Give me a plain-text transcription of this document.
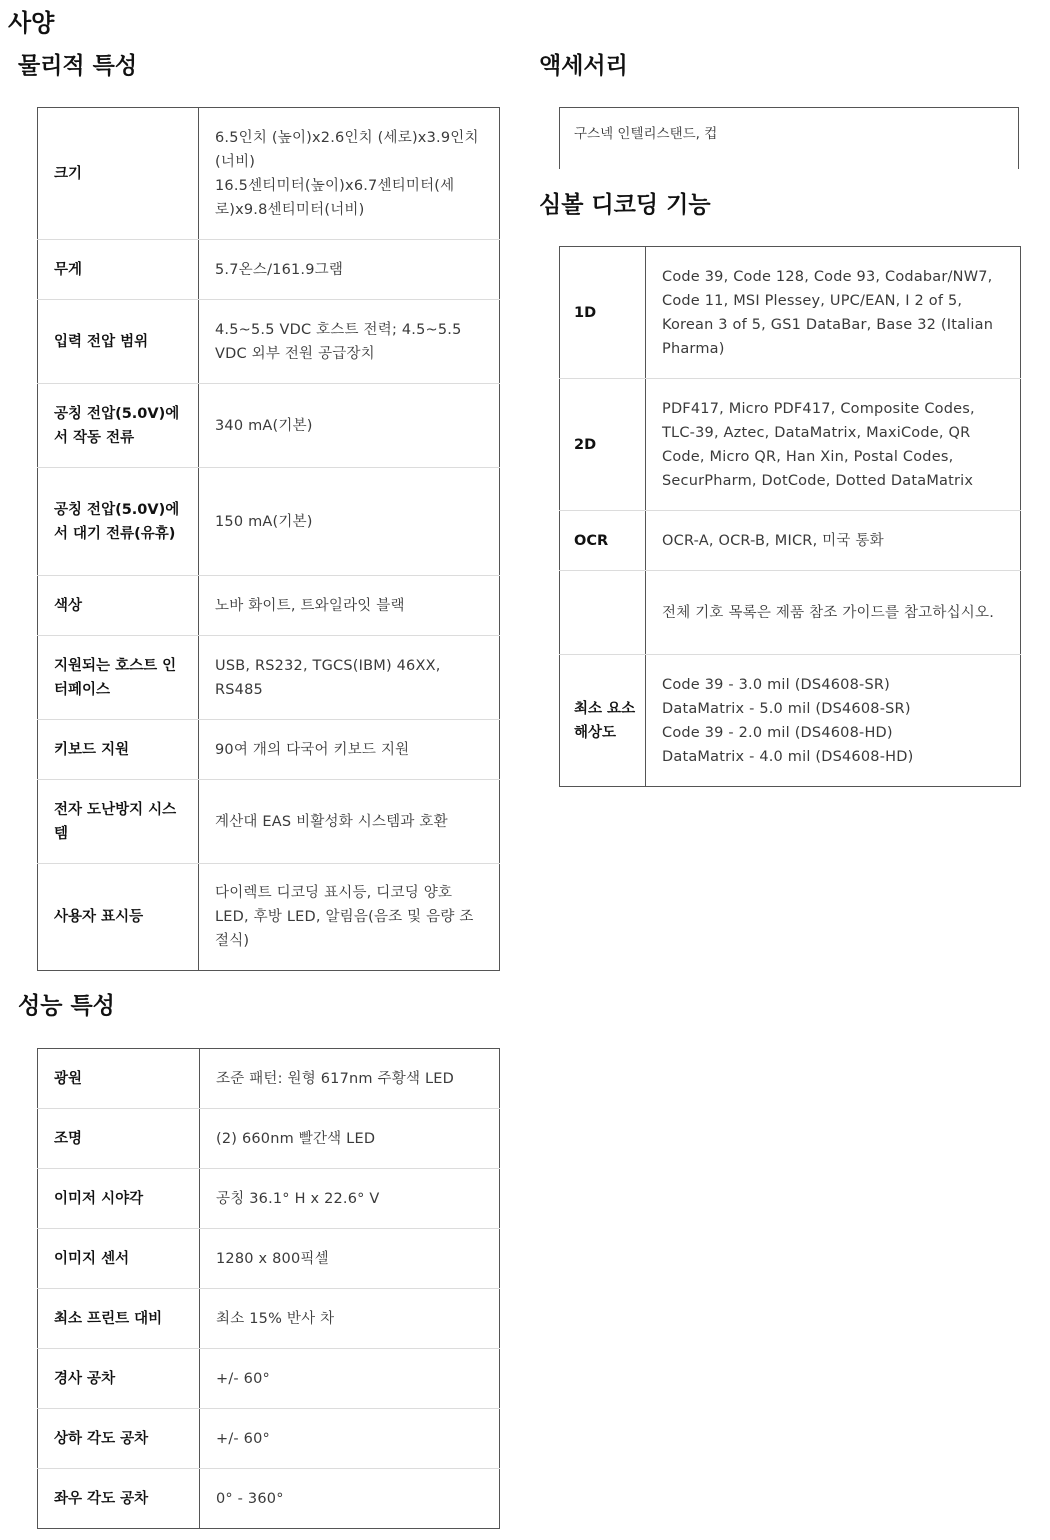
사양
물리적 특성
크기	6.5인치 (높이)x2.6인치 (세로)x3.9인치 (너비)
16.5센티미터(높이)x6.7센티미터(세로)x9.8센티미터(너비)
무게	5.7온스/161.9그램
입력 전압 범위	4.5~5.5 VDC 호스트 전력; 4.5~5.5 VDC 외부 전원 공급장치
공칭 전압(5.0V)에서 작동 전류	340 mA(기본)
공칭 전압(5.0V)에서 대기 전류(유휴)	150 mA(기본)
색상	노바 화이트, 트와일라잇 블랙
지원되는 호스트 인터페이스	USB, RS232, TGCS(IBM) 46XX, RS485
키보드 지원	90여 개의 다국어 키보드 지원
전자 도난방지 시스템	계산대 EAS 비활성화 시스템과 호환
사용자 표시등	다이렉트 디코딩 표시등, 디코딩 양호 LED, 후방 LED, 알림음(음조 및 음량 조절식)
성능 특성
광원	조준 패턴: 원형 617nm 주황색 LED
조명	(2) 660nm 빨간색 LED
이미저 시야각	공칭 36.1° H x 22.6° V
이미지 센서	1280 x 800픽셀
최소 프린트 대비	최소 15% 반사 차
경사 공차	+/- 60°
상하 각도 공차	+/- 60°
좌우 각도 공차	0° - 360°
액세서리
구스넥 인텔리스탠드, 컵
심볼 디코딩 기능
1D	Code 39, Code 128, Code 93, Codabar/NW7, Code 11, MSI Plessey, UPC/EAN, I 2 of 5, Korean 3 of 5, GS1 DataBar, Base 32 (Italian Pharma)
2D	PDF417, Micro PDF417, Composite Codes, TLC-39, Aztec, DataMatrix, MaxiCode, QR Code, Micro QR, Han Xin, Postal Codes, SecurPharm, DotCode, Dotted DataMatrix
OCR	OCR-A, OCR-B, MICR, 미국 통화
	전체 기호 목록은 제품 참조 가이드를 참고하십시오.
최소 요소 해상도	Code 39 - 3.0 mil (DS4608-SR)
DataMatrix - 5.0 mil (DS4608-SR)
Code 39 - 2.0 mil (DS4608-HD)
DataMatrix - 4.0 mil (DS4608-HD)
